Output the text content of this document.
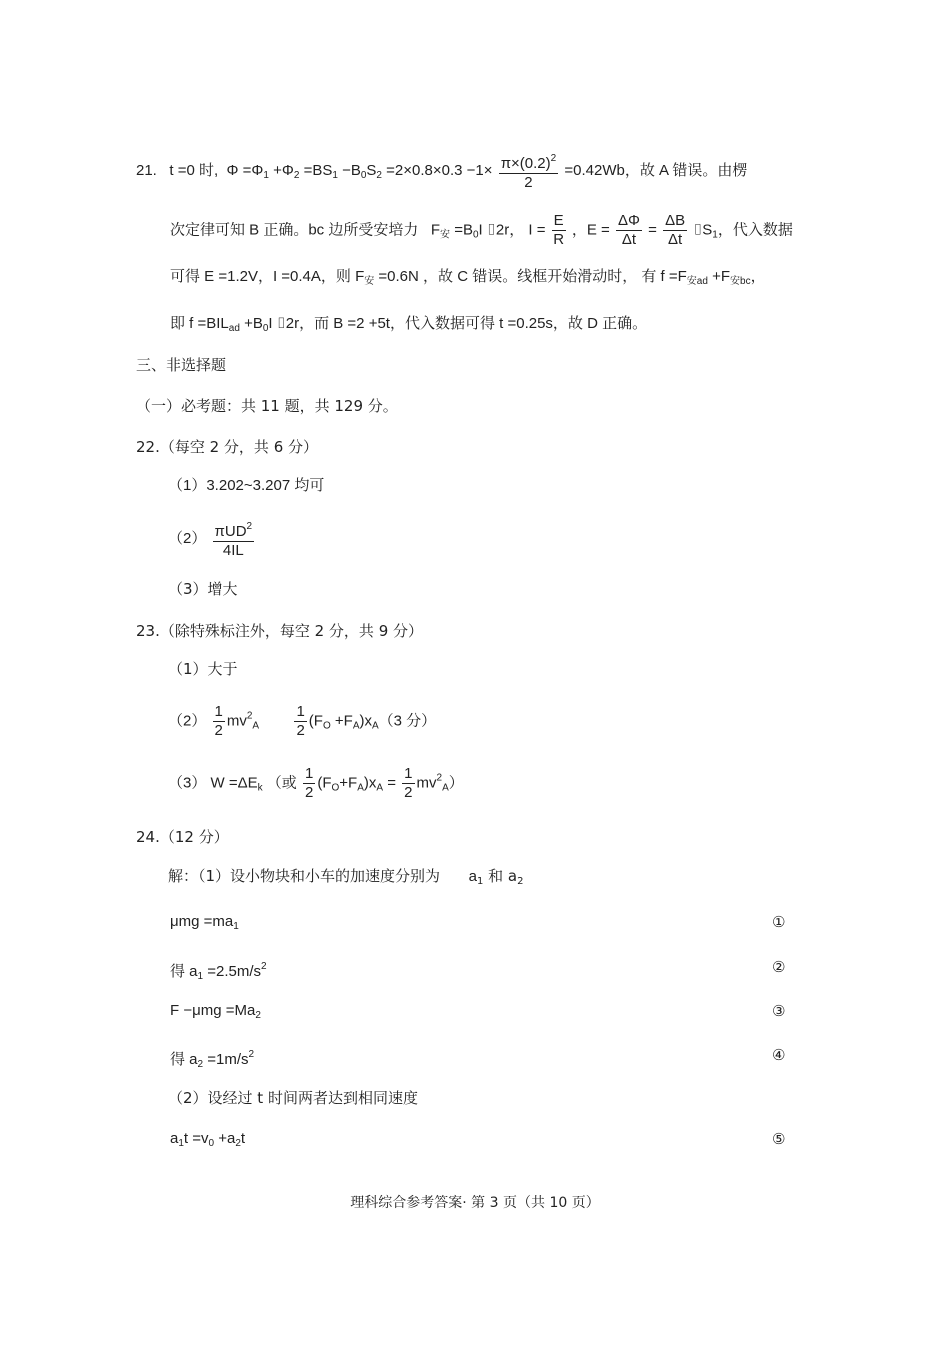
21. t =0 时, $\Phi =\Phi_1 +\Phi_2 =BS_1 -B_0S_2 =2\times 0.8\times 0.3 -1\times \frac{\pi\times(0.2)^2}{2} =0.42Wb$，故 A 错误。由楞
次定律可知 B 正确。bc 边所受安培力 $F_安 =B_0I$ ⌷2r， $I = \frac{E}{R}$ ，$E = \frac{\Delta\Phi}{\Delta t} = \frac{\Delta B}{\Delta t}$ $⌷S_1$，代入数据
可得 E =1.2V，I =0.4A，则 $F_安 =0.6N$ ，故 C 错误。线框开始滑动时， 有 $f =F_{安ad} +F_{安bc}$，
即 $f =BIL_{ad} +B_0I$ ⌷2r，而 B =2 +5t，代入数据可得 t =0.25s，故 D 正确。
三、非选择题
（一）必考题：共 11 题，共 129 分。
22.（每空 2 分，共 6 分）
（1）3.202~3.207 均可
$(2) \frac{\pi UD^2}{4IL}$
（3）增大
23.（除特殊标注外，每空 2 分，共 9 分）
（1）大于
$(2) \frac{1}{2} mv^2_A \frac{1}{2} (F_O +F_A)x_A(3$ 分）
（3） $W =\Delta E_k$ （或 $\frac{1}{2} (F_O+F_A)x_A = \frac{1}{2} mv^2_A$）
24.（12 分）
解：（1）设小物块和小车的加速度分别为 $a_1$ 和 $a_2$
$\mu mg =ma_1$	①
得 $a_1 =2.5m/s^2$	②
$F -\mu mg =Ma_2$	③
得 $a_2 =1m/s^2$	④
（2）设经过 t 时间两者达到相同速度
$a_1t =v_0 +a_2t$	⑤
理科综合参考答案· 第 3 页（共 10 页）
